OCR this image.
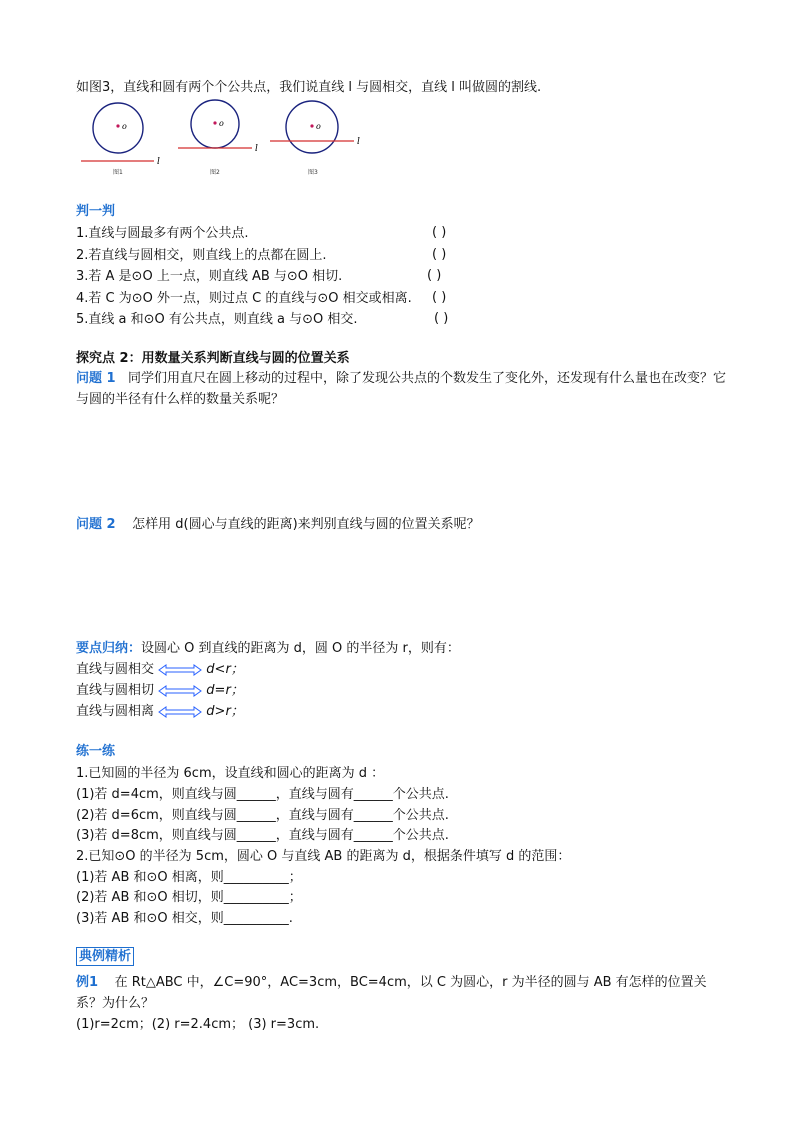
如图3，直线和圆有两个个公共点，我们说直线 l 与圆相交，直线 l 叫做圆的割线.
o
l
图1
o
l
图2
o
l
图3
判一判
1.直线与圆最多有两个公共点.	( )
2.若直线与圆相交，则直线上的点都在圆上.	( )
3.若 A 是⊙O 上一点，则直线 AB 与⊙O 相切.	( )
4.若 C 为⊙O 外一点，则过点 C 的直线与⊙O 相交或相离. ( )
5.直线 a 和⊙O 有公共点，则直线 a 与⊙O 相交.	( )
探究点 2：用数量关系判断直线与圆的位置关系
问题 1 同学们用直尺在圆上移动的过程中，除了发现公共点的个数发生了变化外，还发现有什么量也在改变？它与圆的半径有什么样的数量关系呢？
问题 2 怎样用 d(圆心与直线的距离)来判别直线与圆的位置关系呢？
要点归纳：设圆心 O 到直线的距离为 d，圆 O 的半径为 r，则有：
直线与圆相交	d<r；
直线与圆相切	d=r；
直线与圆相离	d>r；
练一练
1.已知圆的半径为 6cm，设直线和圆心的距离为 d ：
(1)若 d=4cm，则直线与圆______，直线与圆有______个公共点.
(2)若 d=6cm，则直线与圆______，直线与圆有______个公共点.
(3)若 d=8cm，则直线与圆______，直线与圆有______个公共点.
2.已知⊙O 的半径为 5cm，圆心 O 与直线 AB 的距离为 d，根据条件填写 d 的范围：
(1)若 AB 和⊙O 相离，则__________；
(2)若 AB 和⊙O 相切，则__________；
(3)若 AB 和⊙O 相交，则__________.
典例精析
例1 在 Rt△ABC 中，∠C=90°，AC=3cm，BC=4cm，以 C 为圆心，r 为半径的圆与 AB 有怎样的位置关系？为什么？
(1)r=2cm；(2) r=2.4cm； (3) r=3cm.
